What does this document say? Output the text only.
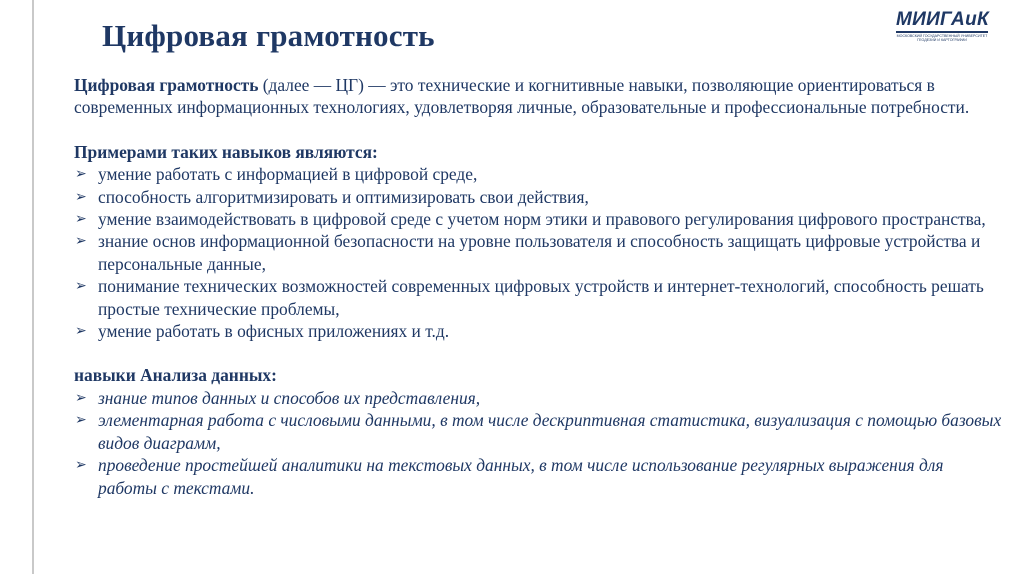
Цифровая грамотность	МИИГАиК
МОСКОВСКИЙ ГОСУДАРСТВЕННЫЙ УНИВЕРСИТЕТ ГЕОДЕЗИИ И КАРТОГРАФИИ

Цифровая грамотность (далее — ЦГ) — это технические и когнитивные навыки, позволяющие ориентироваться в современных информационных технологиях, удовлетворяя личные, образовательные и профессиональные потребности.

Примерами таких навыков являются:

➢ умение работать с информацией в цифровой среде,
➢ способность алгоритмизировать и оптимизировать свои действия,
➢ умение взаимодействовать в цифровой среде с учетом норм этики и правового регулирования цифрового пространства,
➢ знание основ информационной безопасности на уровне пользователя и способность защищать цифровые устройства и персональные данные,
➢ понимание технических возможностей современных цифровых устройств и интернет-технологий, способность решать простые технические проблемы,
➢ умение работать в офисных приложениях и т.д.

навыки Анализа данных:

➢ знание типов данных и способов их представления,
➢ элементарная работа с числовыми данными, в том числе дескриптивная статистика, визуализация с помощью базовых видов диаграмм,
➢ проведение простейшей аналитики на текстовых данных, в том числе использование регулярных выражения для работы с текстами.
